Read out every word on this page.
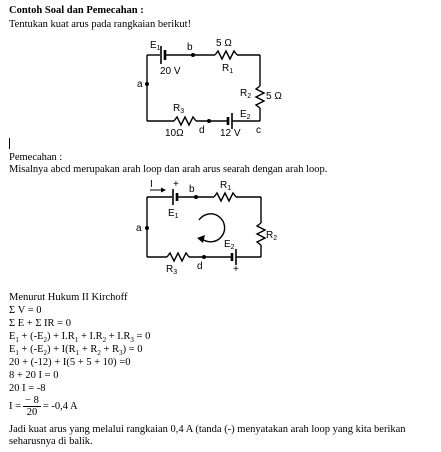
Contoh Soal dan Pemecahan :
Tentukan kuat arus pada rangkaian berikut!
$E_1$	b 5 Ω
$R_1$
a
20 V
$R_2$ 5 Ω
$R_3$	$E_2$
10Ω d 12 V c
Pemecahan :
Misalnya abcd merupakan arah loop dan arah arus searah dengan arah loop.
I + b	$R_1$
$E_1$
a
$R_2$
$E_2$
$R_3$
d	+
Menurut Hukum II Kirchoff
Σ V = 0
Σ E + Σ IR = 0
$E_1 + (-E_2) + I.R_1 + I.R_2 + I.R_3 = 0$
$E_1 + (-E_2) + I(R_1 + R_2 + R_3) = 0$
20 + (-12) + I(5 + 5 + 10) =0
8 + 20 I = 0
20 I = -8
$I = \frac{- 8}{20} = -0,4$ A
Jadi kuat arus yang melalui rangkaian 0,4 A (tanda (-) menyatakan arah loop yang kita berikan seharusnya di balik.
